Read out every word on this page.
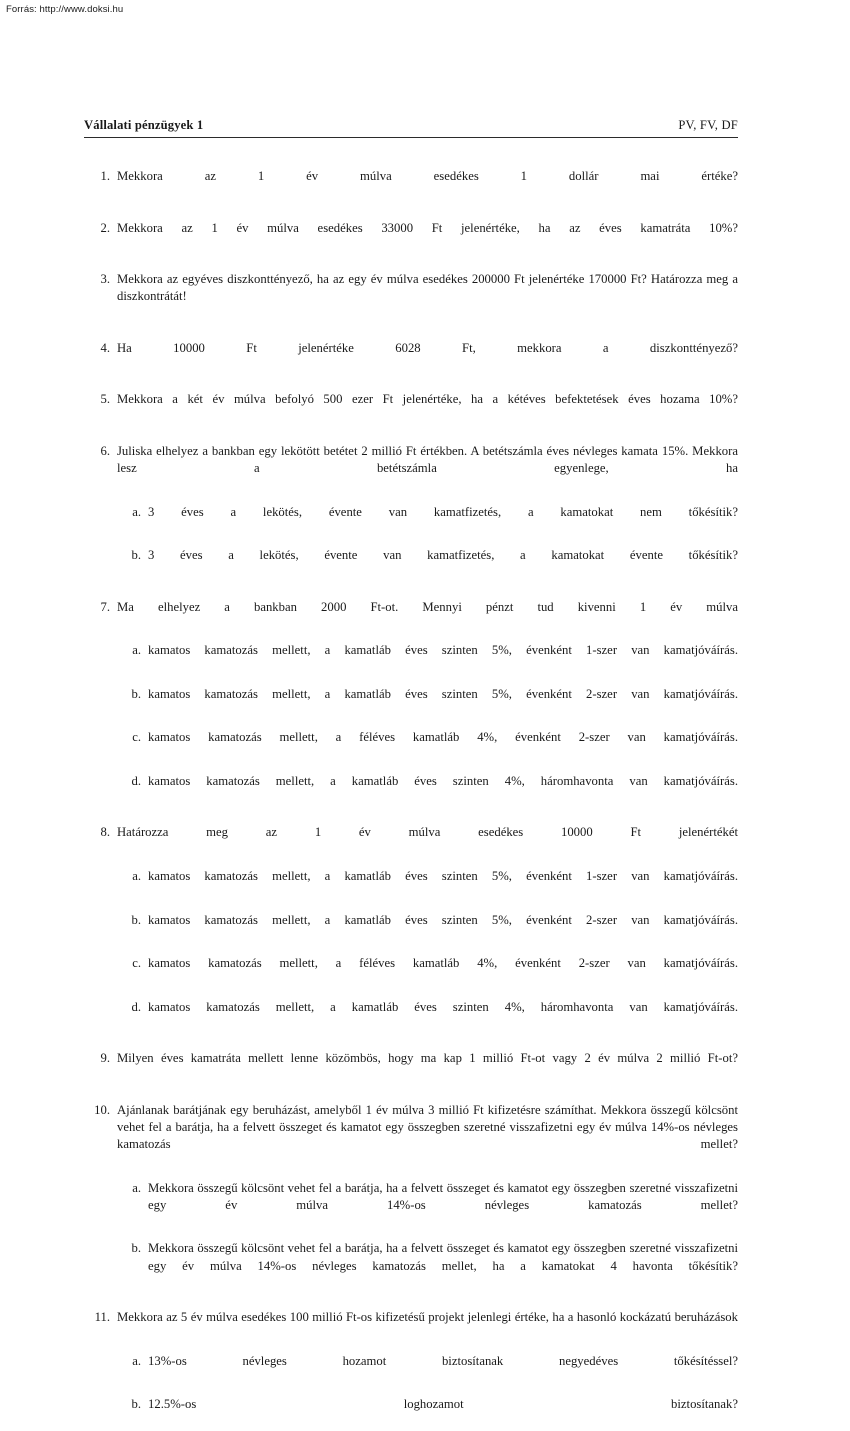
Forrás: http://www.doksi.hu
Vállalati pénzügyek 1	PV, FV, DF
1. Mekkora az 1 év múlva esedékes 1 dollár mai értéke?
2. Mekkora az 1 év múlva esedékes 33000 Ft jelenértéke, ha az éves kamatráta 10%?
3. Mekkora az egyéves diszkonttényező, ha az egy év múlva esedékes 200000 Ft jelenértéke 170000 Ft? Határozza meg a diszkontrátát!
4. Ha 10000 Ft jelenértéke 6028 Ft, mekkora a diszkonttényező?
5. Mekkora a két év múlva befolyó 500 ezer Ft jelenértéke, ha a kétéves befektetések éves hozama 10%?
6. Juliska elhelyez a bankban egy lekötött betétet 2 millió Ft értékben. A betétszámla éves névleges kamata 15%. Mekkora lesz a betétszámla egyenlege, ha
a. 3 éves a lekötés, évente van kamatfizetés, a kamatokat nem tőkésítik?
b. 3 éves a lekötés, évente van kamatfizetés, a kamatokat évente tőkésítik?
7. Ma elhelyez a bankban 2000 Ft-ot. Mennyi pénzt tud kivenni 1 év múlva
a. kamatos kamatozás mellett, a kamatláb éves szinten 5%, évenként 1-szer van kamatjóváírás.
b. kamatos kamatozás mellett, a kamatláb éves szinten 5%, évenként 2-szer van kamatjóváírás.
c. kamatos kamatozás mellett, a féléves kamatláb 4%, évenként 2-szer van kamatjóváírás.
d. kamatos kamatozás mellett, a kamatláb éves szinten 4%, háromhavonta van kamatjóváírás.
8. Határozza meg az 1 év múlva esedékes 10000 Ft jelenértékét
a. kamatos kamatozás mellett, a kamatláb éves szinten 5%, évenként 1-szer van kamatjóváírás.
b. kamatos kamatozás mellett, a kamatláb éves szinten 5%, évenként 2-szer van kamatjóváírás.
c. kamatos kamatozás mellett, a féléves kamatláb 4%, évenként 2-szer van kamatjóváírás.
d. kamatos kamatozás mellett, a kamatláb éves szinten 4%, háromhavonta van kamatjóváírás.
9. Milyen éves kamatráta mellett lenne közömbös, hogy ma kap 1 millió Ft-ot vagy 2 év múlva 2 millió Ft-ot?
10. Ajánlanak barátjának egy beruházást, amelyből 1 év múlva 3 millió Ft kifizetésre számíthat. Mekkora összegű kölcsönt vehet fel a barátja, ha a felvett összeget és kamatot egy összegben szeretné visszafizetni egy év múlva 14%-os névleges kamatozás mellet?
a. Mekkora összegű kölcsönt vehet fel a barátja, ha a felvett összeget és kamatot egy összegben szeretné visszafizetni egy év múlva 14%-os névleges kamatozás mellet?
b. Mekkora összegű kölcsönt vehet fel a barátja, ha a felvett összeget és kamatot egy összegben szeretné visszafizetni egy év múlva 14%-os névleges kamatozás mellet, ha a kamatokat 4 havonta tőkésítik?
11. Mekkora az 5 év múlva esedékes 100 millió Ft-os kifizetésű projekt jelenlegi értéke, ha a hasonló kockázatú beruházások
a. 13%-os névleges hozamot biztosítanak negyedéves tőkésítéssel?
b. 12.5%-os loghozamot biztosítanak?
